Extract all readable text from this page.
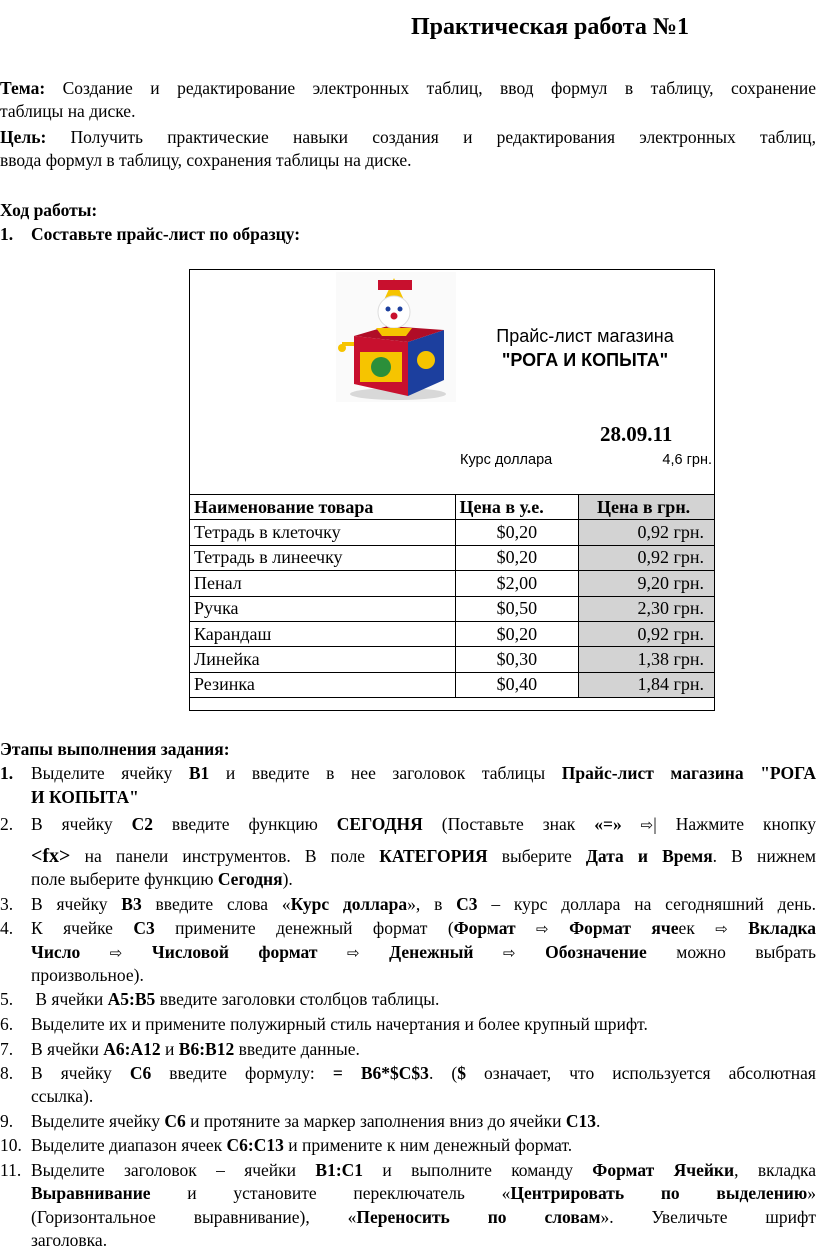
Практическая работа №1
Тема: Создание и редактирование электронных таблиц, ввод формул в таблицу, сохранение
таблицы на диске.
Цель: Получить практические навыки создания и редактирования электронных таблиц,
ввода формул в таблицу, сохранения таблицы на диске.
Ход работы:
1. Составьте прайс-лист по образцу:
Прайс-лист магазина
"РОГА И КОПЫТА"
28.09.11
Курс доллара	4,6 грн.
Наименование товара	Цена в у.е.	Цена в грн.
Тетрадь в клеточку	$0,20	0,92 грн.
Тетрадь в линеечку	$0,20	0,92 грн.
Пенал	$2,00	9,20 грн.
Ручка	$0,50	2,30 грн.
Карандаш	$0,20	0,92 грн.
Линейка	$0,30	1,38 грн.
Резинка	$0,40	1,84 грн.
Этапы выполнения задания:
1. Выделите ячейку В1 и введите в нее заголовок таблицы Прайс-лист магазина "РОГА
И КОПЫТА"
2. В ячейку С2 введите функцию СЕГОДНЯ (Поставьте знак «=» ⇨| Нажмите кнопку
<fx> на панели инструментов. В поле КАТЕГОРИЯ выберите Дата и Время. В нижнем
поле выберите функцию Сегодня).
3. В ячейку В3 введите слова «Курс доллара», в С3 – курс доллара на сегодняшний день.
4. К ячейке С3 примените денежный формат (Формат ⇨ Формат ячеек ⇨ Вкладка
Число ⇨ Числовой формат ⇨ Денежный ⇨ Обозначение можно выбрать
произвольное).
5. В ячейки А5:В5 введите заголовки столбцов таблицы.
6. Выделите их и примените полужирный стиль начертания и более крупный шрифт.
7. В ячейки А6:А12 и В6:В12 введите данные.
8. В ячейку С6 введите формулу: = В6*$С$3. ($ означает, что используется абсолютная
ссылка).
9. Выделите ячейку С6 и протяните за маркер заполнения вниз до ячейки С13.
10. Выделите диапазон ячеек С6:С13 и примените к ним денежный формат.
11. Выделите заголовок – ячейки В1:С1 и выполните команду Формат Ячейки, вкладка
Выравнивание и установите переключатель «Центрировать по выделению»
(Горизонтальное выравнивание), «Переносить по словам». Увеличьте шрифт
заголовка.
